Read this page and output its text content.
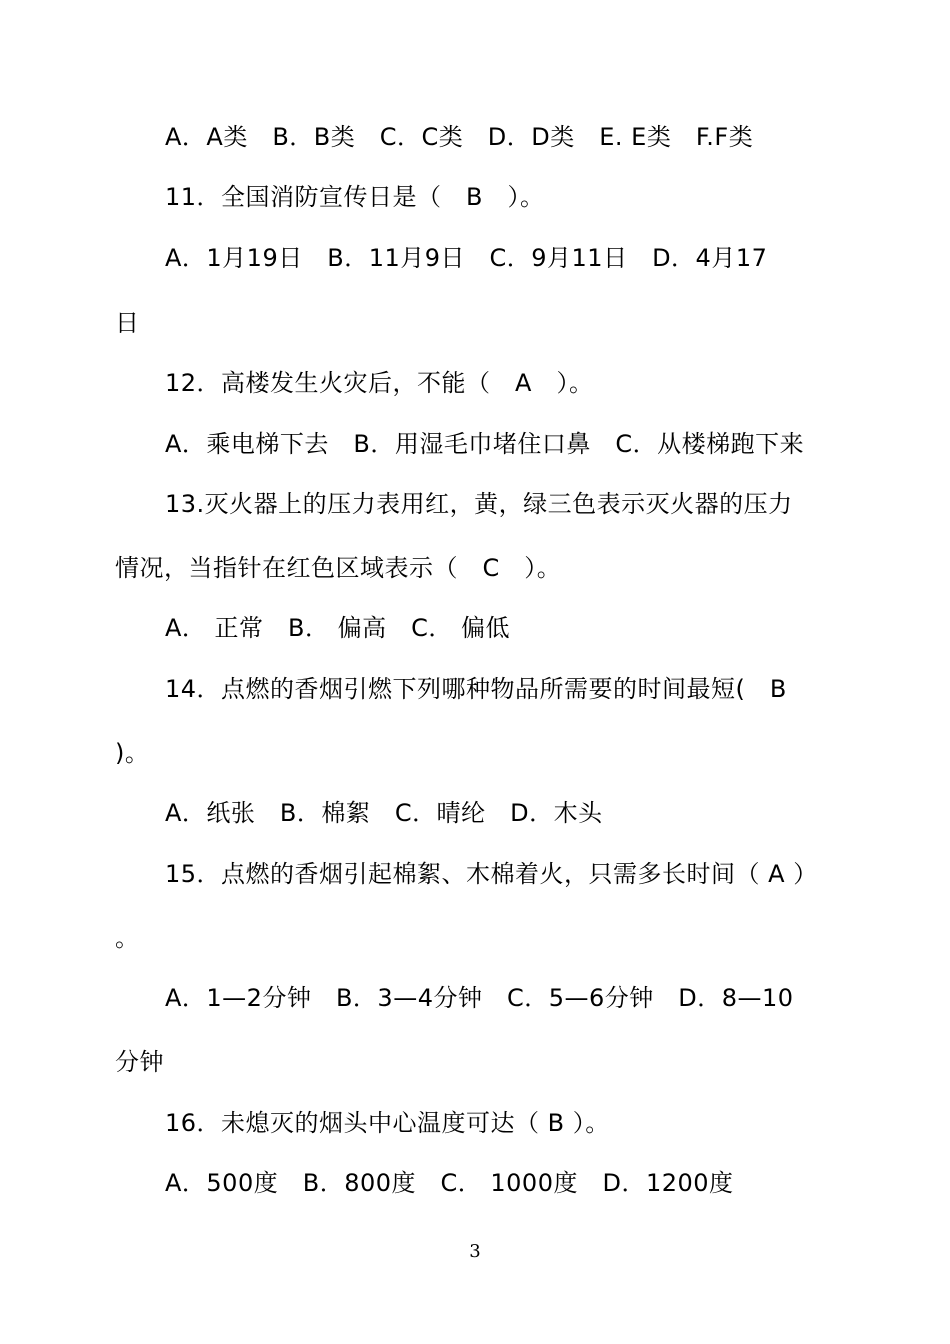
A．A类　B．B类　C．C类　D．D类　E. E类　F.F类
11．全国消防宣传日是（　B　）。
A．1月19日　B．11月9日　C．9月11日　D．4月17
日
12．高楼发生火灾后，不能（　A　）。
A．乘电梯下去　B．用湿毛巾堵住口鼻　C．从楼梯跑下来
13.灭火器上的压力表用红，黄，绿三色表示灭火器的压力
情况，当指针在红色区域表示（　C　）。
A． 正常　B． 偏高　C． 偏低
14．点燃的香烟引燃下列哪种物品所需要的时间最短(　B
)。
A．纸张　B．棉絮　C．晴纶　D．木头
15．点燃的香烟引起棉絮、木棉着火，只需多长时间（ A ）
。
A．1—2分钟　B．3—4分钟　C．5—6分钟　D．8—10
分钟
16．未熄灭的烟头中心温度可达（ B ）。
A．500度　B．800度　C． 1000度　D．1200度
3
